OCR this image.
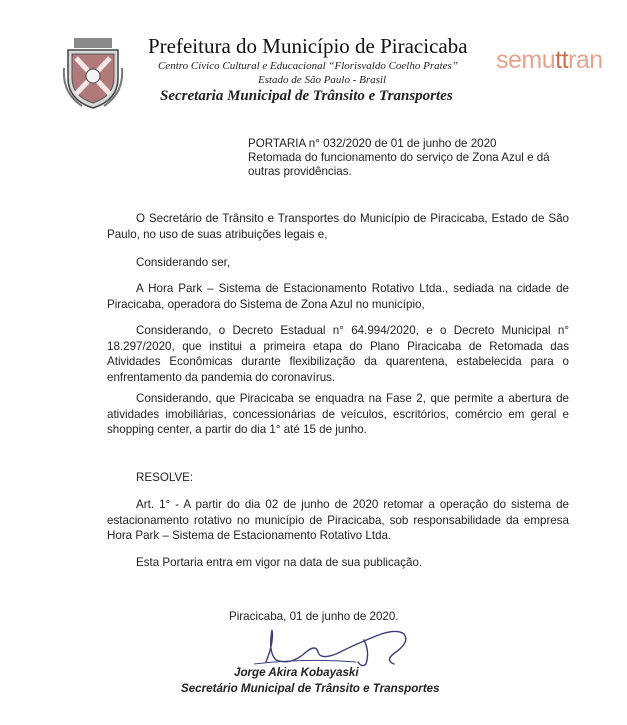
Prefeitura do Município de Piracicaba
Centro Cívico Cultural e Educacional “Florisvaldo Coelho Prates”
Estado de São Paulo - Brasil
Secretaria Municipal de Trânsito e Transportes
semuttran
PORTARIA n° 032/2020 de 01 de junho de 2020
Retomada do funcionamento do serviço de Zona Azul e dá outras providências.
O Secretário de Trânsito e Transportes do Município de Piracicaba, Estado de São Paulo, no uso de suas atribuições legais e,
Considerando ser,
A Hora Park – Sistema de Estacionamento Rotativo Ltda., sediada na cidade de Piracicaba, operadora do Sistema de Zona Azul no município,
Considerando, o Decreto Estadual n° 64.994/2020, e o Decreto Municipal n° 18.297/2020, que institui a primeira etapa do Plano Piracicaba de Retomada das Atividades Econômicas durante flexibilização da quarentena, estabelecida para o enfrentamento da pandemia do coronavírus.
Considerando, que Piracicaba se enquadra na Fase 2, que permite a abertura de atividades imobiliárias, concessionárias de veículos, escritórios, comércio em geral e shopping center, a partir do dia 1° até 15 de junho.
RESOLVE:
Art. 1° - A partir do dia 02 de junho de 2020 retomar a operação do sistema de estacionamento rotativo no município de Piracicaba, sob responsabilidade da empresa Hora Park – Sistema de Estacionamento Rotativo Ltda.
Esta Portaria entra em vigor na data de sua publicação.
Piracicaba, 01 de junho de 2020.
Jorge Akira Kobayaski
Secretário Municipal de Trânsito e Transportes
